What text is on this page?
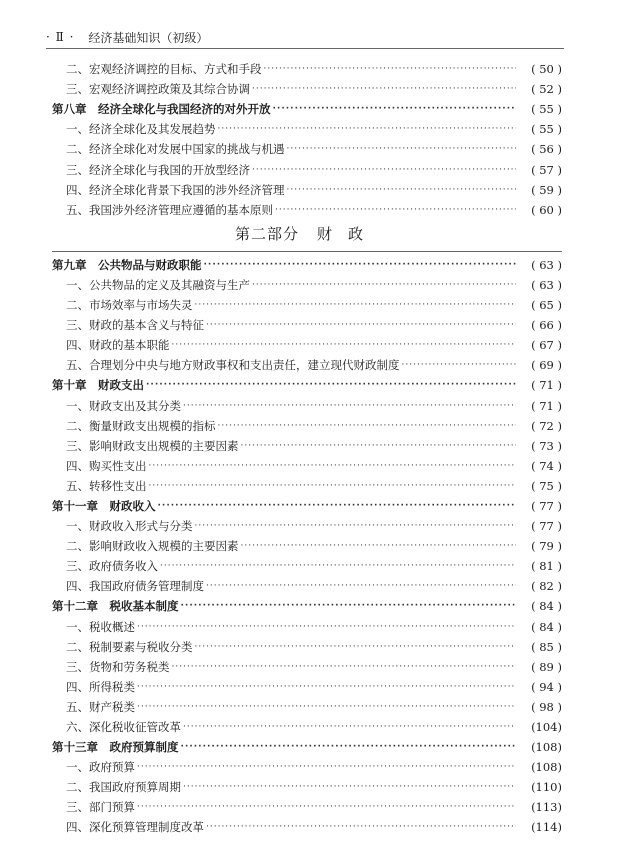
· Ⅱ · 经济基础知识（初级）
二、宏观经济调控的目标、方式和手段 ·····	( 50 )
三、宏观经济调控政策及其综合协调 ·····	( 52 )
第八章　经济全球化与我国经济的对外开放 ·····	( 55 )
一、经济全球化及其发展趋势 ·····	( 55 )
二、经济全球化对发展中国家的挑战与机遇 ·····	( 56 )
三、经济全球化与我国的开放型经济 ·····	( 57 )
四、经济全球化背景下我国的涉外经济管理 ·····	( 59 )
五、我国涉外经济管理应遵循的基本原则 ·····	( 60 )
第二部分 财政
第九章　公共物品与财政职能 ·····	( 63 )
一、公共物品的定义及其融资与生产 ·····	( 63 )
二、市场效率与市场失灵 ·····	( 65 )
三、财政的基本含义与特征 ·····	( 66 )
四、财政的基本职能 ·····	( 67 )
五、合理划分中央与地方财政事权和支出责任，建立现代财政制度 ·····	( 69 )
第十章　财政支出 ·····	( 71 )
一、财政支出及其分类 ·····	( 71 )
二、衡量财政支出规模的指标 ·····	( 72 )
三、影响财政支出规模的主要因素 ·····	( 73 )
四、购买性支出 ·····	( 74 )
五、转移性支出 ·····	( 75 )
第十一章　财政收入 ·····	( 77 )
一、财政收入形式与分类 ·····	( 77 )
二、影响财政收入规模的主要因素 ·····	( 79 )
三、政府债务收入 ·····	( 81 )
四、我国政府债务管理制度 ·····	( 82 )
第十二章　税收基本制度 ·····	( 84 )
一、税收概述 ·····	( 84 )
二、税制要素与税收分类 ·····	( 85 )
三、货物和劳务税类 ·····	( 89 )
四、所得税类 ·····	( 94 )
五、财产税类 ·····	( 98 )
六、深化税收征管改革 ·····	(104)
第十三章　政府预算制度 ·····	(108)
一、政府预算 ·····	(108)
二、我国政府预算周期 ·····	(110)
三、部门预算 ·····	(113)
四、深化预算管理制度改革 ·····	(114)
